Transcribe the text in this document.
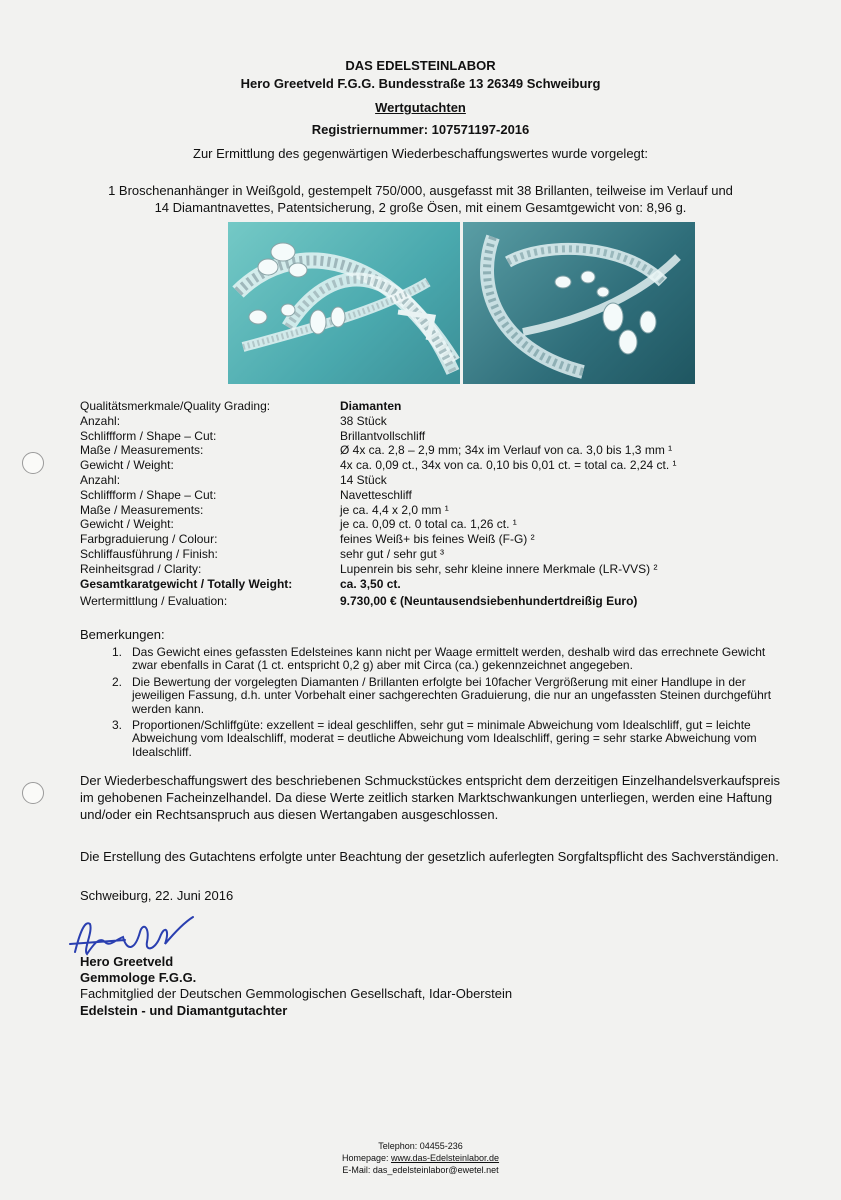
DAS EDELSTEINLABOR
Hero Greetveld F.G.G. Bundesstraße 13 26349 Schweiburg
Wertgutachten
Registriernummer: 107571197-2016
Zur Ermittlung des gegenwärtigen Wiederbeschaffungswertes wurde vorgelegt:
1 Broschenanhänger in Weißgold, gestempelt 750/000, ausgefasst mit 38 Brillanten, teilweise im Verlauf und
14 Diamantnavettes, Patentsicherung, 2 große Ösen, mit einem Gesamtgewicht von: 8,96 g.
Qualitätsmerkmale/Quality Grading:	Diamanten
Anzahl:	38 Stück
Schliffform / Shape – Cut:	Brillantvollschliff
Maße / Measurements:	Ø 4x ca. 2,8 – 2,9 mm; 34x im Verlauf von ca. 3,0 bis 1,3 mm ¹
Gewicht / Weight:	4x ca. 0,09 ct., 34x von ca. 0,10 bis 0,01 ct. = total ca. 2,24 ct. ¹
Anzahl:	14 Stück
Schliffform / Shape – Cut:	Navetteschliff
Maße / Measurements:	je ca. 4,4 x 2,0 mm ¹
Gewicht / Weight:	je ca. 0,09 ct. 0 total ca. 1,26 ct. ¹
Farbgraduierung / Colour:	feines Weiß+ bis feines Weiß (F-G) ²
Schliffausführung / Finish:	sehr gut / sehr gut ³
Reinheitsgrad / Clarity:	Lupenrein bis sehr, sehr kleine innere Merkmale (LR-VVS) ²
Gesamtkaratgewicht / Totally Weight:	ca. 3,50 ct.
Wertermittlung / Evaluation:	9.730,00 € (Neuntausendsiebenhundertdreißig Euro)
Bemerkungen:
1. Das Gewicht eines gefassten Edelsteines kann nicht per Waage ermittelt werden, deshalb wird das errechnete Gewicht zwar ebenfalls in Carat (1 ct. entspricht 0,2 g) aber mit Circa (ca.) gekennzeichnet angegeben.
2. Die Bewertung der vorgelegten Diamanten / Brillanten erfolgte bei 10facher Vergrößerung mit einer Handlupe in der jeweiligen Fassung, d.h. unter Vorbehalt einer sachgerechten Graduierung, die nur an ungefassten Steinen durchgeführt werden kann.
3. Proportionen/Schliffgüte: exzellent = ideal geschliffen, sehr gut = minimale Abweichung vom Idealschliff, gut = leichte Abweichung vom Idealschliff, moderat = deutliche Abweichung vom Idealschliff, gering = sehr starke Abweichung vom Idealschliff.
Der Wiederbeschaffungswert des beschriebenen Schmuckstückes entspricht dem derzeitigen Einzelhandelsverkaufspreis im gehobenen Facheinzelhandel. Da diese Werte zeitlich starken Marktschwankungen unterliegen, werden eine Haftung und/oder ein Rechtsanspruch aus diesen Wertangaben ausgeschlossen.
Die Erstellung des Gutachtens erfolgte unter Beachtung der gesetzlich auferlegten Sorgfaltspflicht des Sachverständigen.
Schweiburg, 22. Juni 2016
Hero Greetveld
Gemmologe F.G.G.
Fachmitglied der Deutschen Gemmologischen Gesellschaft, Idar-Oberstein
Edelstein - und Diamantgutachter
Telephon: 04455-236
Homepage: www.das-Edelsteinlabor.de
E-Mail: das_edelsteinlabor@ewetel.net
